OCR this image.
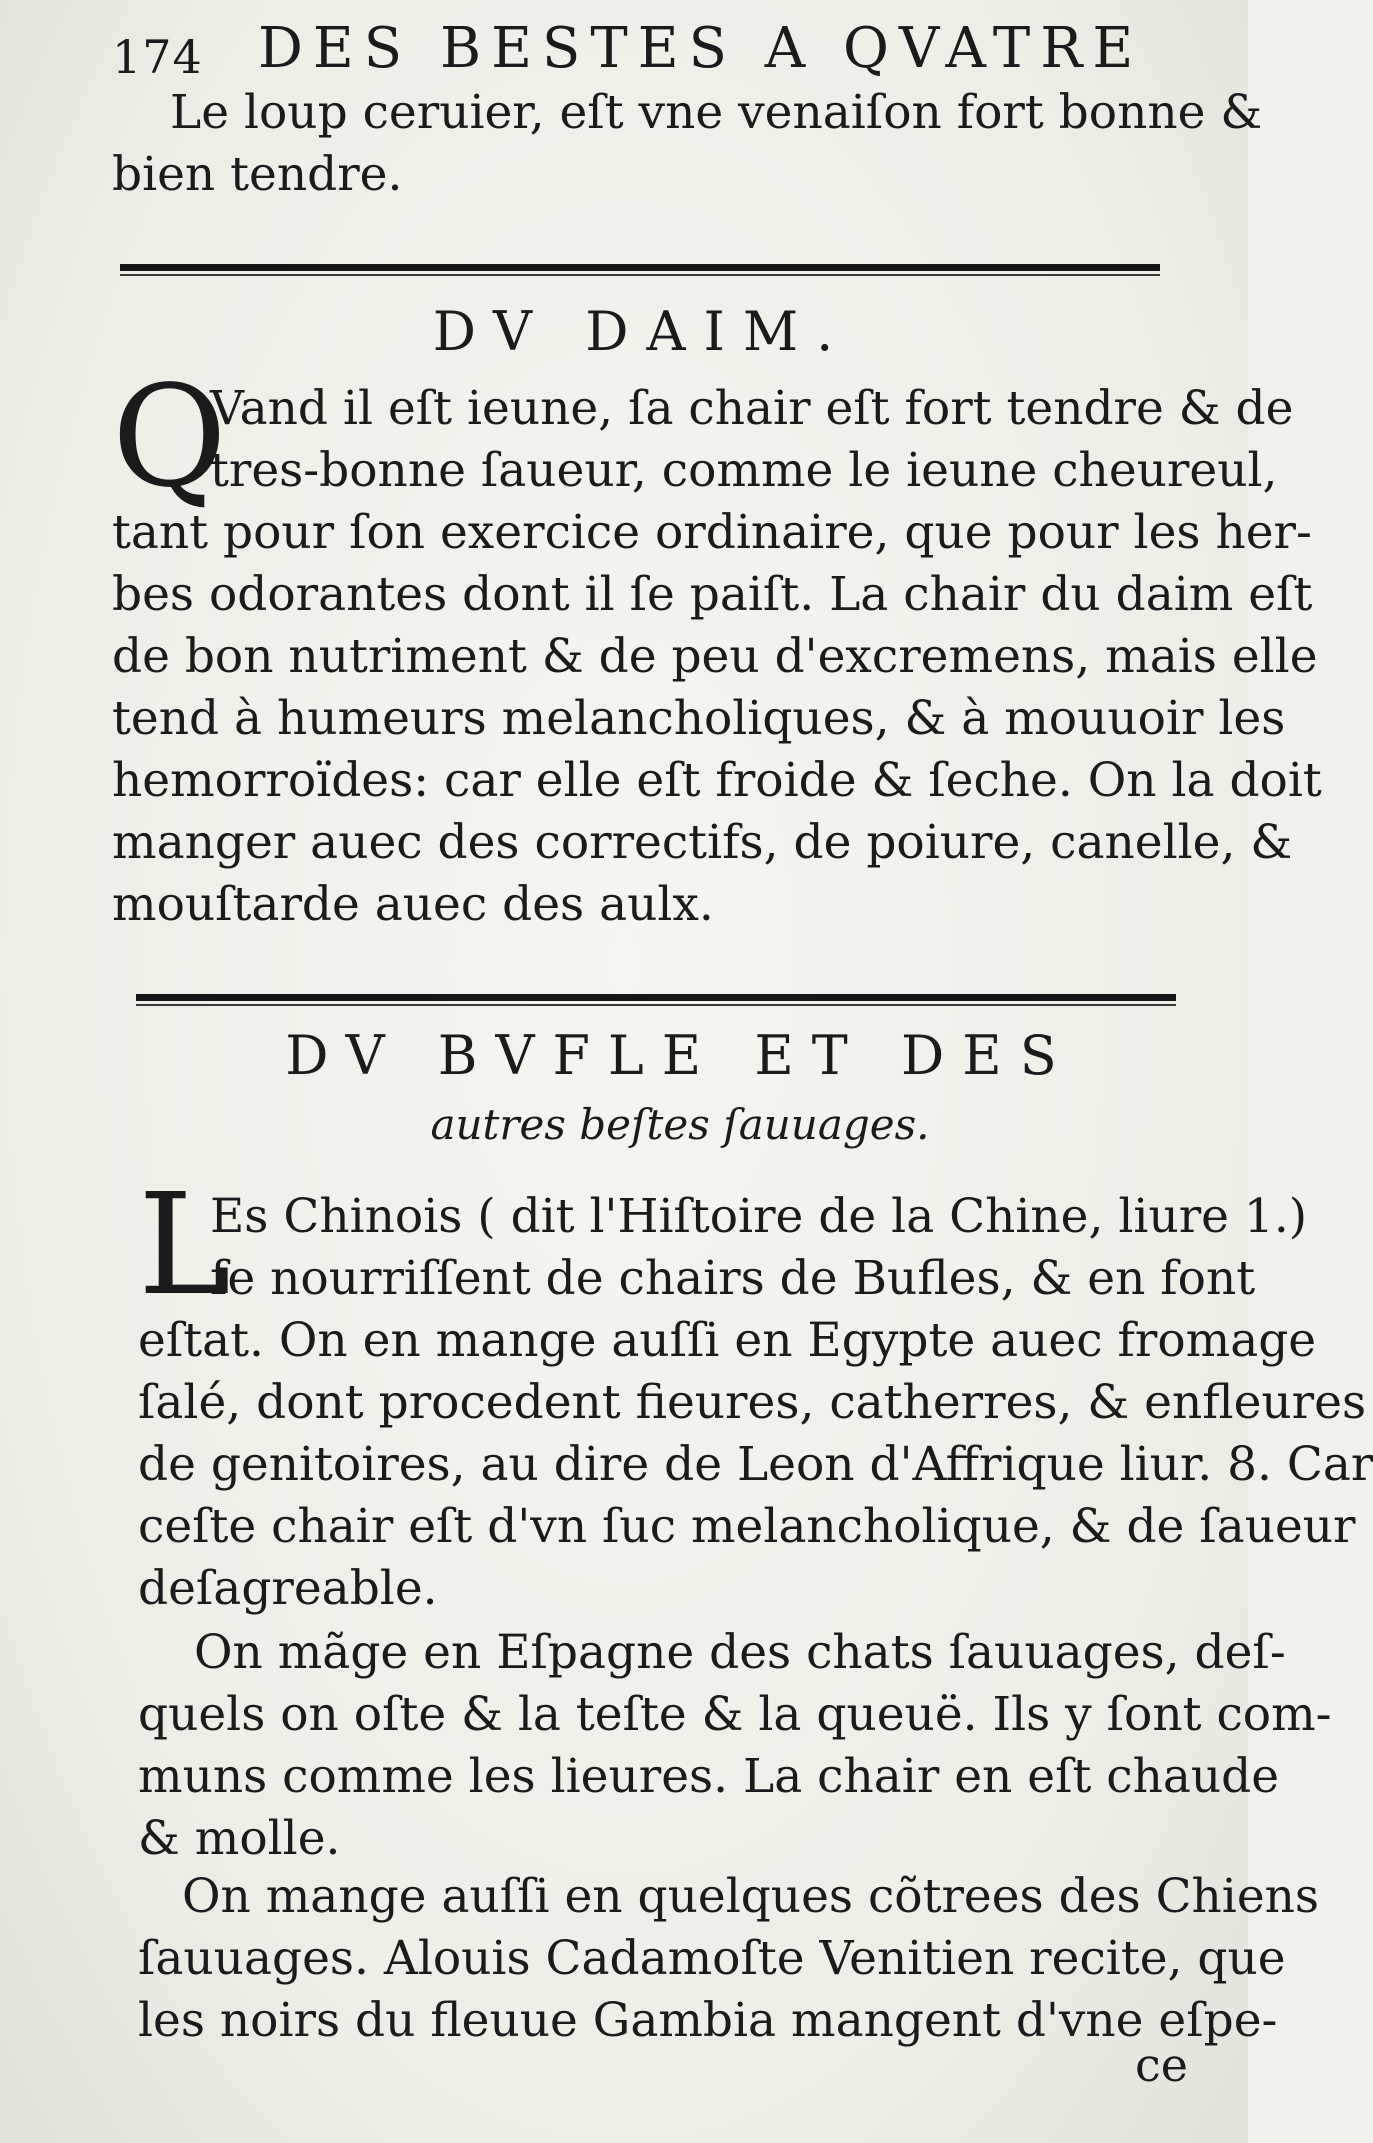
174 DES BESTES A QVATRE
Le loup ceruier, eſt vne venaiſon fort bonne &
bien tendre.
DV DAIM.
Q
Vand il eſt ieune, ſa chair eſt fort tendre & de
tres-bonne ſaueur, comme le ieune cheureul,
tant pour ſon exercice ordinaire, que pour les her-
bes odorantes dont il ſe paiſt. La chair du daim eſt
de bon nutriment & de peu d'excremens, mais elle
tend à humeurs melancholiques, & à mouuoir les
hemorroïdes: car elle eſt froide & ſeche. On la doit
manger auec des correctifs, de poiure, canelle, &
mouſtarde auec des aulx.
DV BVFLE ET DES
autres beſtes ſauuages.
L
Es Chinois ( dit l'Hiſtoire de la Chine, liure 1.)
ſe nourriſſent de chairs de Bufles, & en font
eſtat. On en mange auſſi en Egypte auec fromage
ſalé, dont procedent fieures, catherres, & enfleures
de genitoires, au dire de Leon d'Affrique liur. 8. Car
ceſte chair eſt d'vn ſuc melancholique, & de ſaueur
deſagreable.
On mãge en Eſpagne des chats ſauuages, deſ-
quels on oſte & la teſte & la queuë. Ils y ſont com-
muns comme les lieures. La chair en eſt chaude
& molle.
On mange auſſi en quelques cõtrees des Chiens
ſauuages. Alouis Cadamoſte Venitien recite, que
les noirs du fleuue Gambia mangent d'vne eſpe-
ce
